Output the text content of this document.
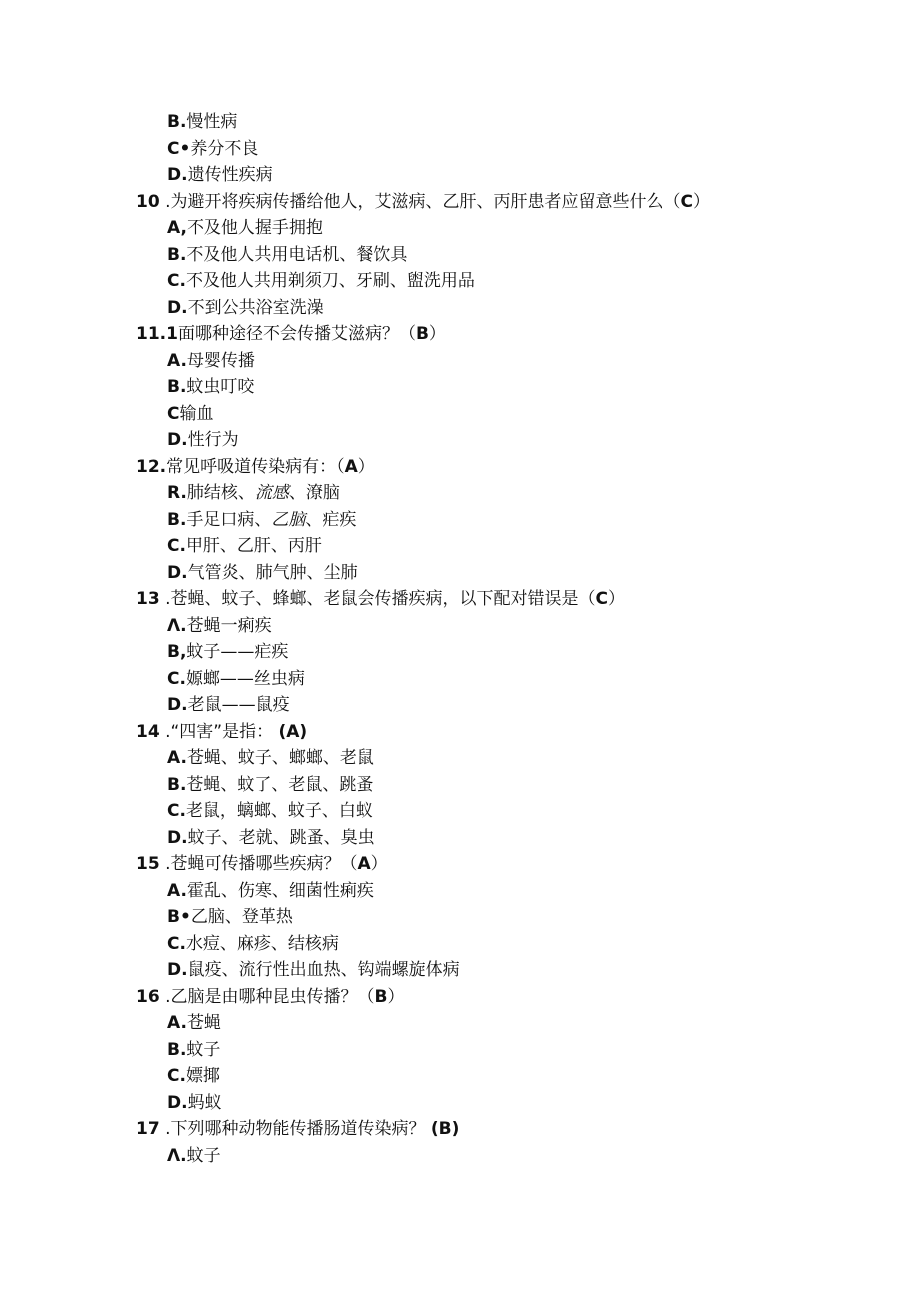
B.慢性病
C•养分不良
D.遗传性疾病
10 .为避开将疾病传播给他人，艾滋病、乙肝、丙肝患者应留意些什么（C）
A,不及他人握手拥抱
B.不及他人共用电话机、餐饮具
C.不及他人共用剃须刀、牙刷、盥洗用品
D.不到公共浴室洗澡
11.1面哪种途径不会传播艾滋病？（B）
A.母婴传播
B.蚊虫叮咬
C输血
D.性行为
12.常见呼吸道传染病有：（A）
R.肺结核、流感、潦脑
B.手足口病、乙脑、疟疾
C.甲肝、乙肝、丙肝
D.气管炎、肺气肿、尘肺
13 .苍蝇、蚊子、蜂螂、老鼠会传播疾病，以下配对错误是（C）
Λ.苍蝇一痢疾
B,蚊子——疟疾
C.嫄螂——丝虫病
D.老鼠——鼠疫
14 .“四害”是指： (A)
A.苍蝇、蚊子、螂螂、老鼠
B.苍蝇、蚊了、老鼠、跳蚤
C.老鼠，螭螂、蚊子、白蚁
D.蚊子、老就、跳蚤、臭虫
15 .苍蝇可传播哪些疾病？（A）
A.霍乱、伤寒、细菌性痢疾
B•乙脑、登革热
C.水痘、麻疹、结核病
D.鼠疫、流行性出血热、钩端螺旋体病
16 .乙脑是由哪种昆虫传播？（B）
A.苍蝇
B.蚊子
C.嫖揶
D.蚂蚁
17 .下列哪种动物能传播肠道传染病？ (B)
Λ.蚊子
